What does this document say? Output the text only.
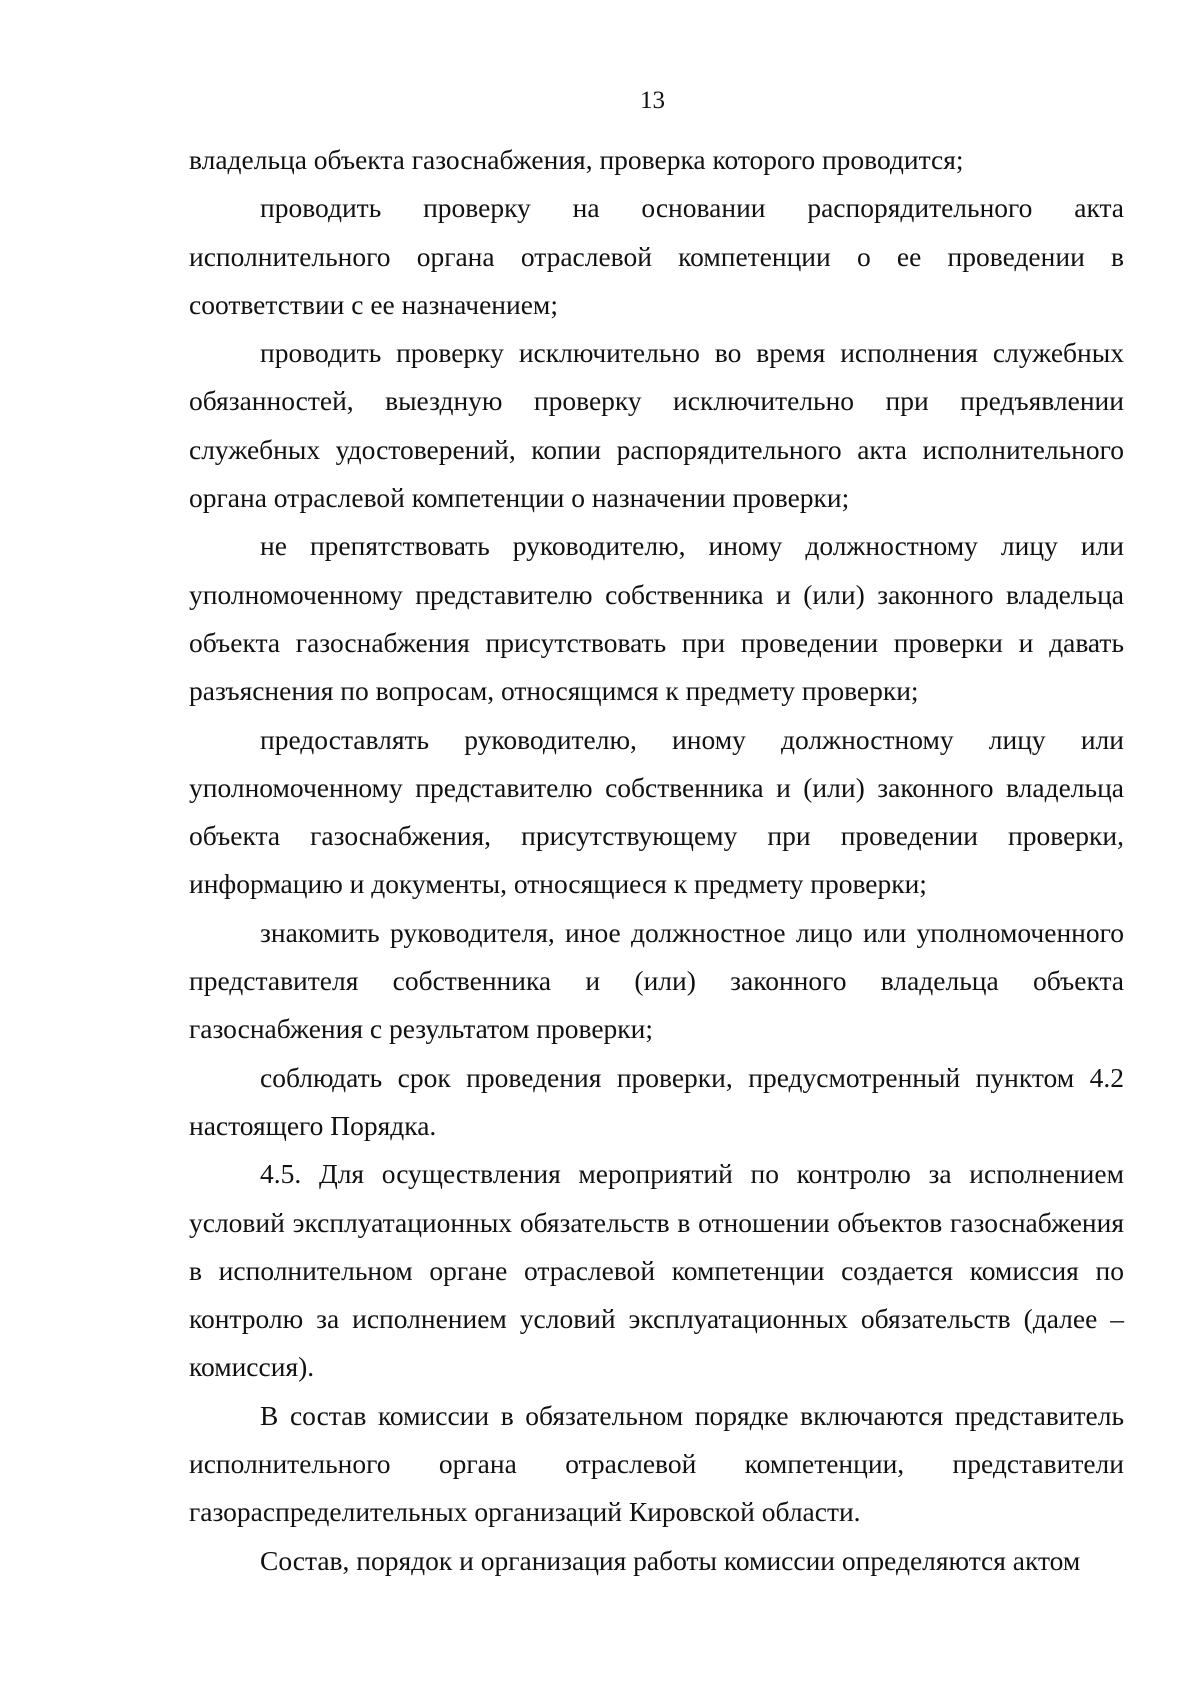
13

владельца объекта газоснабжения, проверка которого проводится;

проводить проверку на основании распорядительного акта исполнительного органа отраслевой компетенции о ее проведении в соответствии с ее назначением;

проводить проверку исключительно во время исполнения служебных обязанностей, выездную проверку исключительно при предъявлении служебных удостоверений, копии распорядительного акта исполнительного органа отраслевой компетенции о назначении проверки;

не препятствовать руководителю, иному должностному лицу или уполномоченному представителю собственника и (или) законного владельца объекта газоснабжения присутствовать при проведении проверки и давать разъяснения по вопросам, относящимся к предмету проверки;

предоставлять руководителю, иному должностному лицу или уполномоченному представителю собственника и (или) законного владельца объекта газоснабжения, присутствующему при проведении проверки, информацию и документы, относящиеся к предмету проверки;

знакомить руководителя, иное должностное лицо или уполномоченного представителя собственника и (или) законного владельца объекта газоснабжения с результатом проверки;

соблюдать срок проведения проверки, предусмотренный пунктом 4.2 настоящего Порядка.

4.5. Для осуществления мероприятий по контролю за исполнением условий эксплуатационных обязательств в отношении объектов газоснабжения в исполнительном органе отраслевой компетенции создается комиссия по контролю за исполнением условий эксплуатационных обязательств (далее – комиссия).

В состав комиссии в обязательном порядке включаются представитель исполнительного органа отраслевой компетенции, представители газораспределительных организаций Кировской области.

Состав, порядок и организация работы комиссии определяются актом
